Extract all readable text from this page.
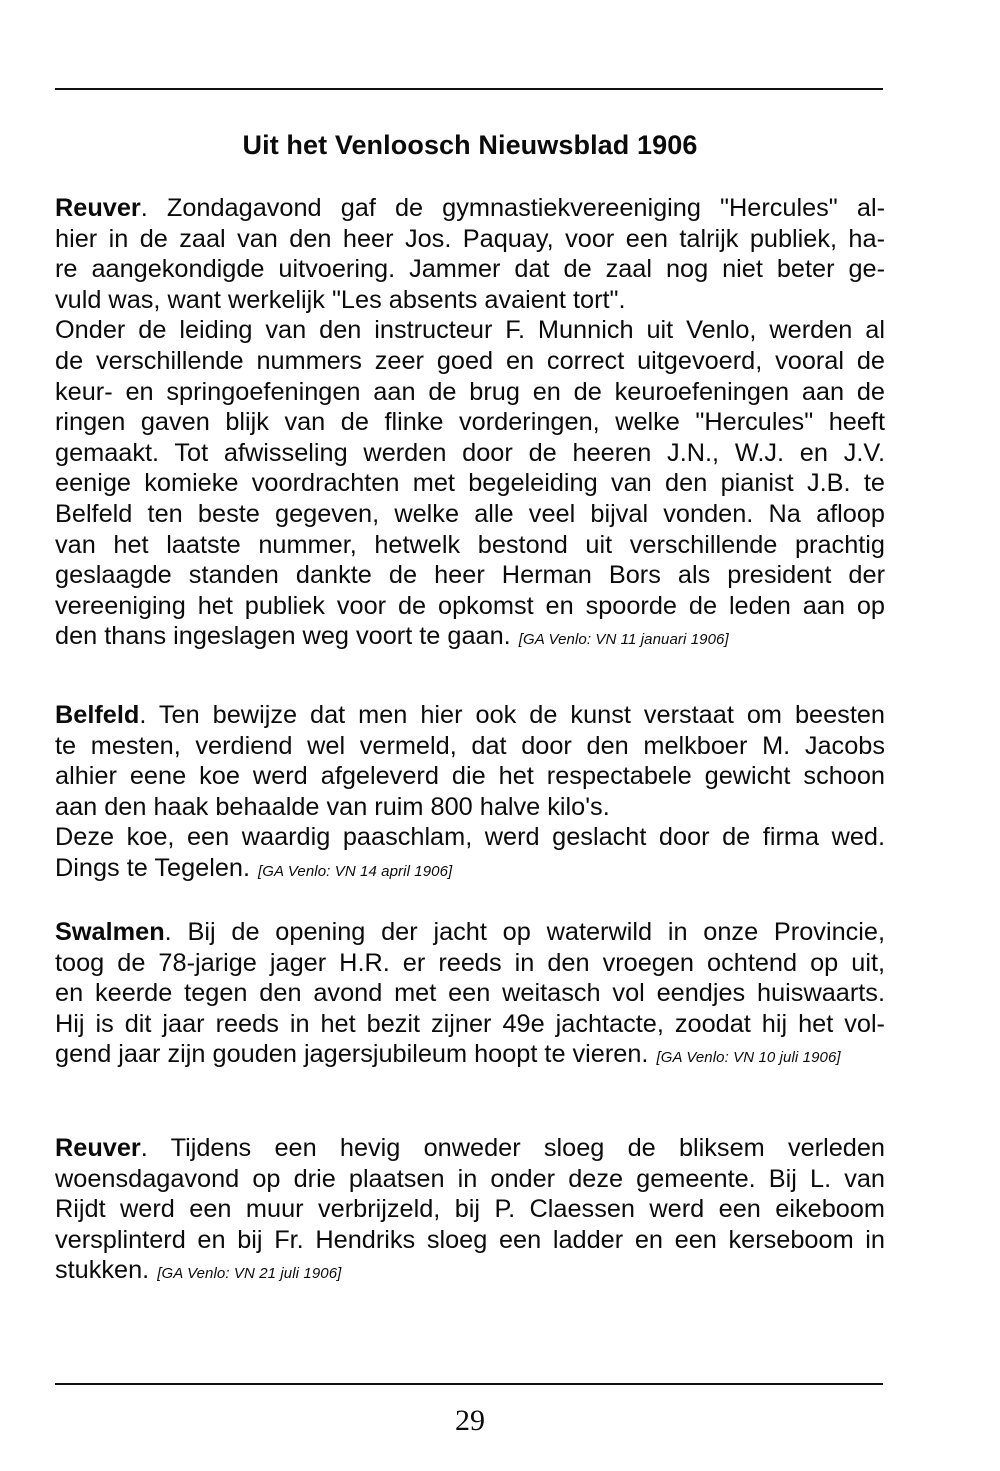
Uit het Venloosch Nieuwsblad 1906
Reuver. Zondagavond gaf de gymnastiekvereeniging "Hercules" al-
hier in de zaal van den heer Jos. Paquay, voor een talrijk publiek, ha-
re aangekondigde uitvoering. Jammer dat de zaal nog niet beter ge-
vuld was, want werkelijk "Les absents avaient tort".
Onder de leiding van den instructeur F. Munnich uit Venlo, werden al
de verschillende nummers zeer goed en correct uitgevoerd, vooral de
keur- en springoefeningen aan de brug en de keuroefeningen aan de
ringen gaven blijk van de flinke vorderingen, welke "Hercules" heeft
gemaakt. Tot afwisseling werden door de heeren J.N., W.J. en J.V.
eenige komieke voordrachten met begeleiding van den pianist J.B. te
Belfeld ten beste gegeven, welke alle veel bijval vonden. Na afloop
van het laatste nummer, hetwelk bestond uit verschillende prachtig
geslaagde standen dankte de heer Herman Bors als president der
vereeniging het publiek voor de opkomst en spoorde de leden aan op
den thans ingeslagen weg voort te gaan. [GA Venlo: VN 11 januari 1906]
Belfeld. Ten bewijze dat men hier ook de kunst verstaat om beesten
te mesten, verdiend wel vermeld, dat door den melkboer M. Jacobs
alhier eene koe werd afgeleverd die het respectabele gewicht schoon
aan den haak behaalde van ruim 800 halve kilo's.
Deze koe, een waardig paaschlam, werd geslacht door de firma wed.
Dings te Tegelen. [GA Venlo: VN 14 april 1906]
Swalmen. Bij de opening der jacht op waterwild in onze Provincie,
toog de 78-jarige jager H.R. er reeds in den vroegen ochtend op uit,
en keerde tegen den avond met een weitasch vol eendjes huiswaarts.
Hij is dit jaar reeds in het bezit zijner 49e jachtacte, zoodat hij het vol-
gend jaar zijn gouden jagersjubileum hoopt te vieren. [GA Venlo: VN 10 juli 1906]
Reuver. Tijdens een hevig onweder sloeg de bliksem verleden
woensdagavond op drie plaatsen in onder deze gemeente. Bij L. van
Rijdt werd een muur verbrijzeld, bij P. Claessen werd een eikeboom
versplinterd en bij Fr. Hendriks sloeg een ladder en een kerseboom in
stukken. [GA Venlo: VN 21 juli 1906]
29
